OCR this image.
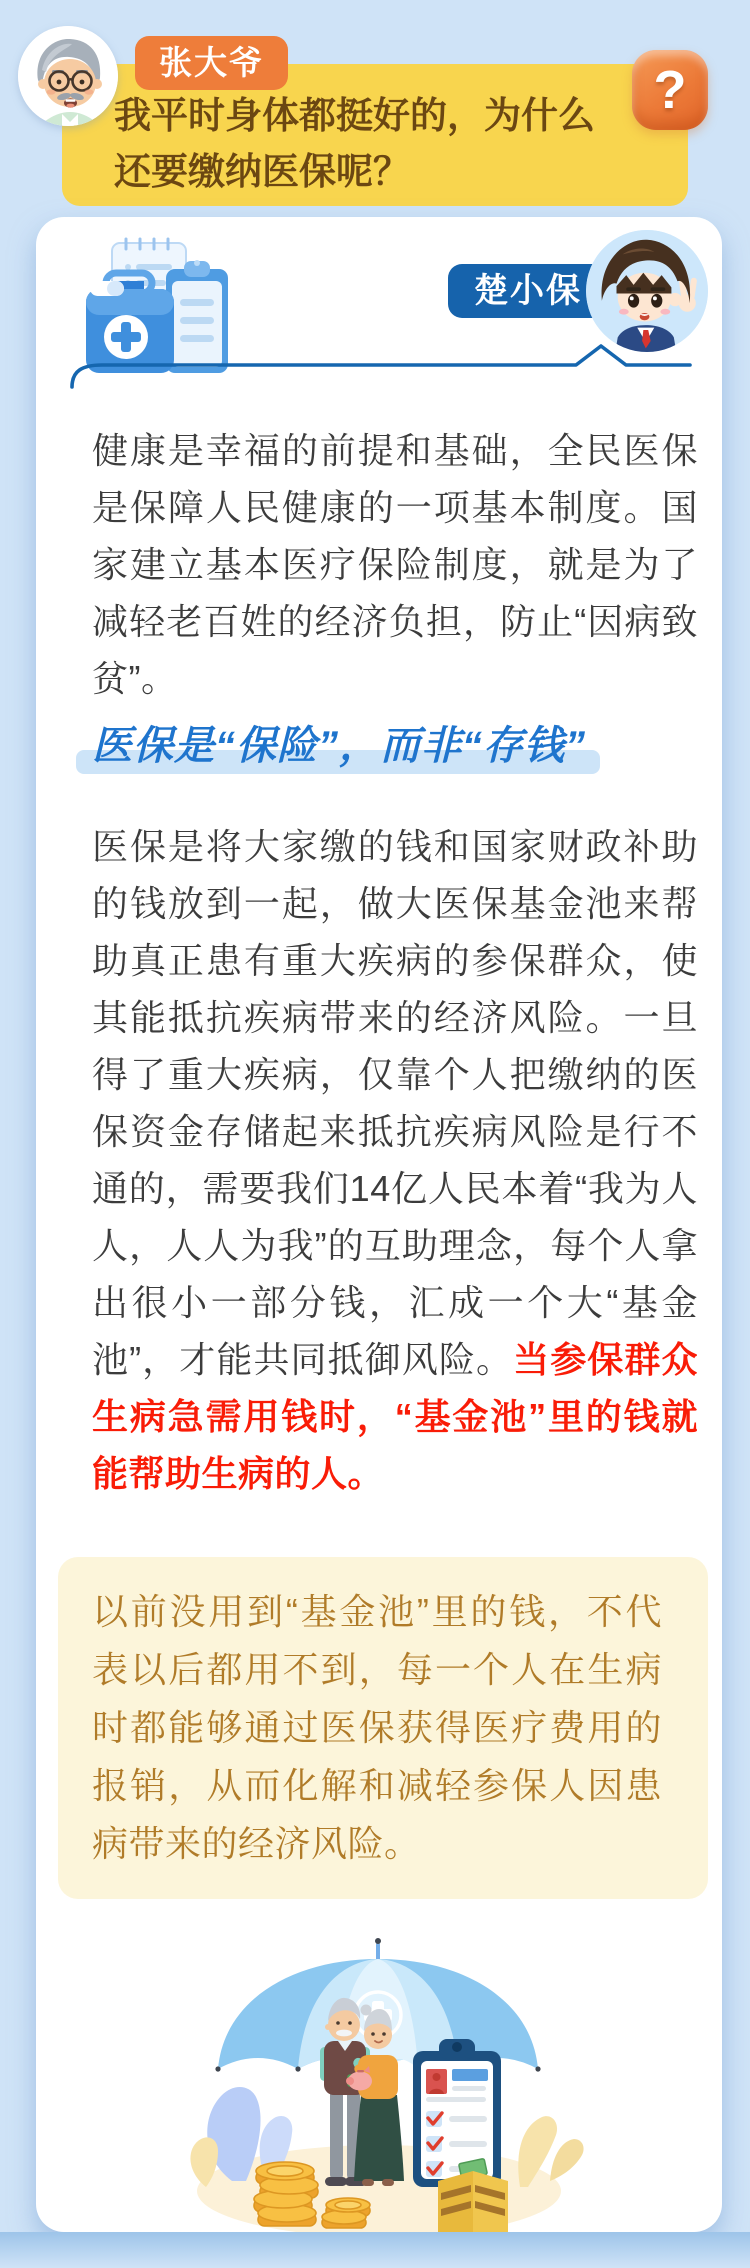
我平时身体都挺好的，为什么
还要缴纳医保呢？
张大爷	?
楚小保

健康是幸福的前提和基础，全民医保是保障人民健康的一项基本制度。国家建立基本医疗保险制度，就是为了减轻老百姓的经济负担，防止“因病致贫”。

医保是“保险”，而非“存钱”

医保是将大家缴的钱和国家财政补助的钱放到一起，做大医保基金池来帮助真正患有重大疾病的参保群众，使其能抵抗疾病带来的经济风险。一旦得了重大疾病，仅靠个人把缴纳的医保资金存储起来抵抗疾病风险是行不通的，需要我们14亿人民本着“我为人人，人人为我”的互助理念，每个人拿出很小一部分钱，汇成一个大“基金池”，才能共同抵御风险。当参保群众生病急需用钱时，“基金池”里的钱就能帮助生病的人。

以前没用到“基金池”里的钱，不代表以后都用不到，每一个人在生病时都能够通过医保获得医疗费用的报销，从而化解和减轻参保人因患病带来的经济风险。
